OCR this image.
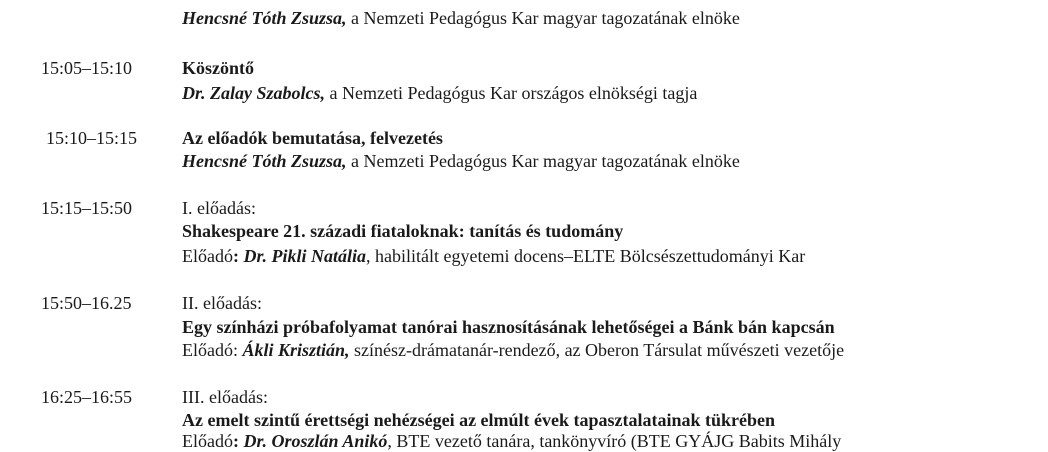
Hencsné Tóth Zsuzsa, a Nemzeti Pedagógus Kar magyar tagozatának elnöke
15:05–15:10	Köszöntő
Dr. Zalay Szabolcs, a Nemzeti Pedagógus Kar országos elnökségi tagja
15:10–15:15 Az előadók bemutatása, felvezetés
Hencsné Tóth Zsuzsa, a Nemzeti Pedagógus Kar magyar tagozatának elnöke
15:15–15:50	I. előadás:
Shakespeare 21. századi fiataloknak: tanítás és tudomány
Előadó: Dr. Pikli Natália, habilitált egyetemi docens–ELTE Bölcsészettudományi Kar
15:50–16.25	II. előadás:
Egy színházi próbafolyamat tanórai hasznosításának lehetőségei a Bánk bán kapcsán
Előadó: Ákli Krisztián, színész-drámatanár-rendező, az Oberon Társulat művészeti vezetője
16:25–16:55	III. előadás:
Az emelt szintű érettségi nehézségei az elmúlt évek tapasztalatainak tükrében
Előadó: Dr. Oroszlán Anikó, BTE vezető tanára, tankönyvíró (BTE GYÁJG Babits Mihály
